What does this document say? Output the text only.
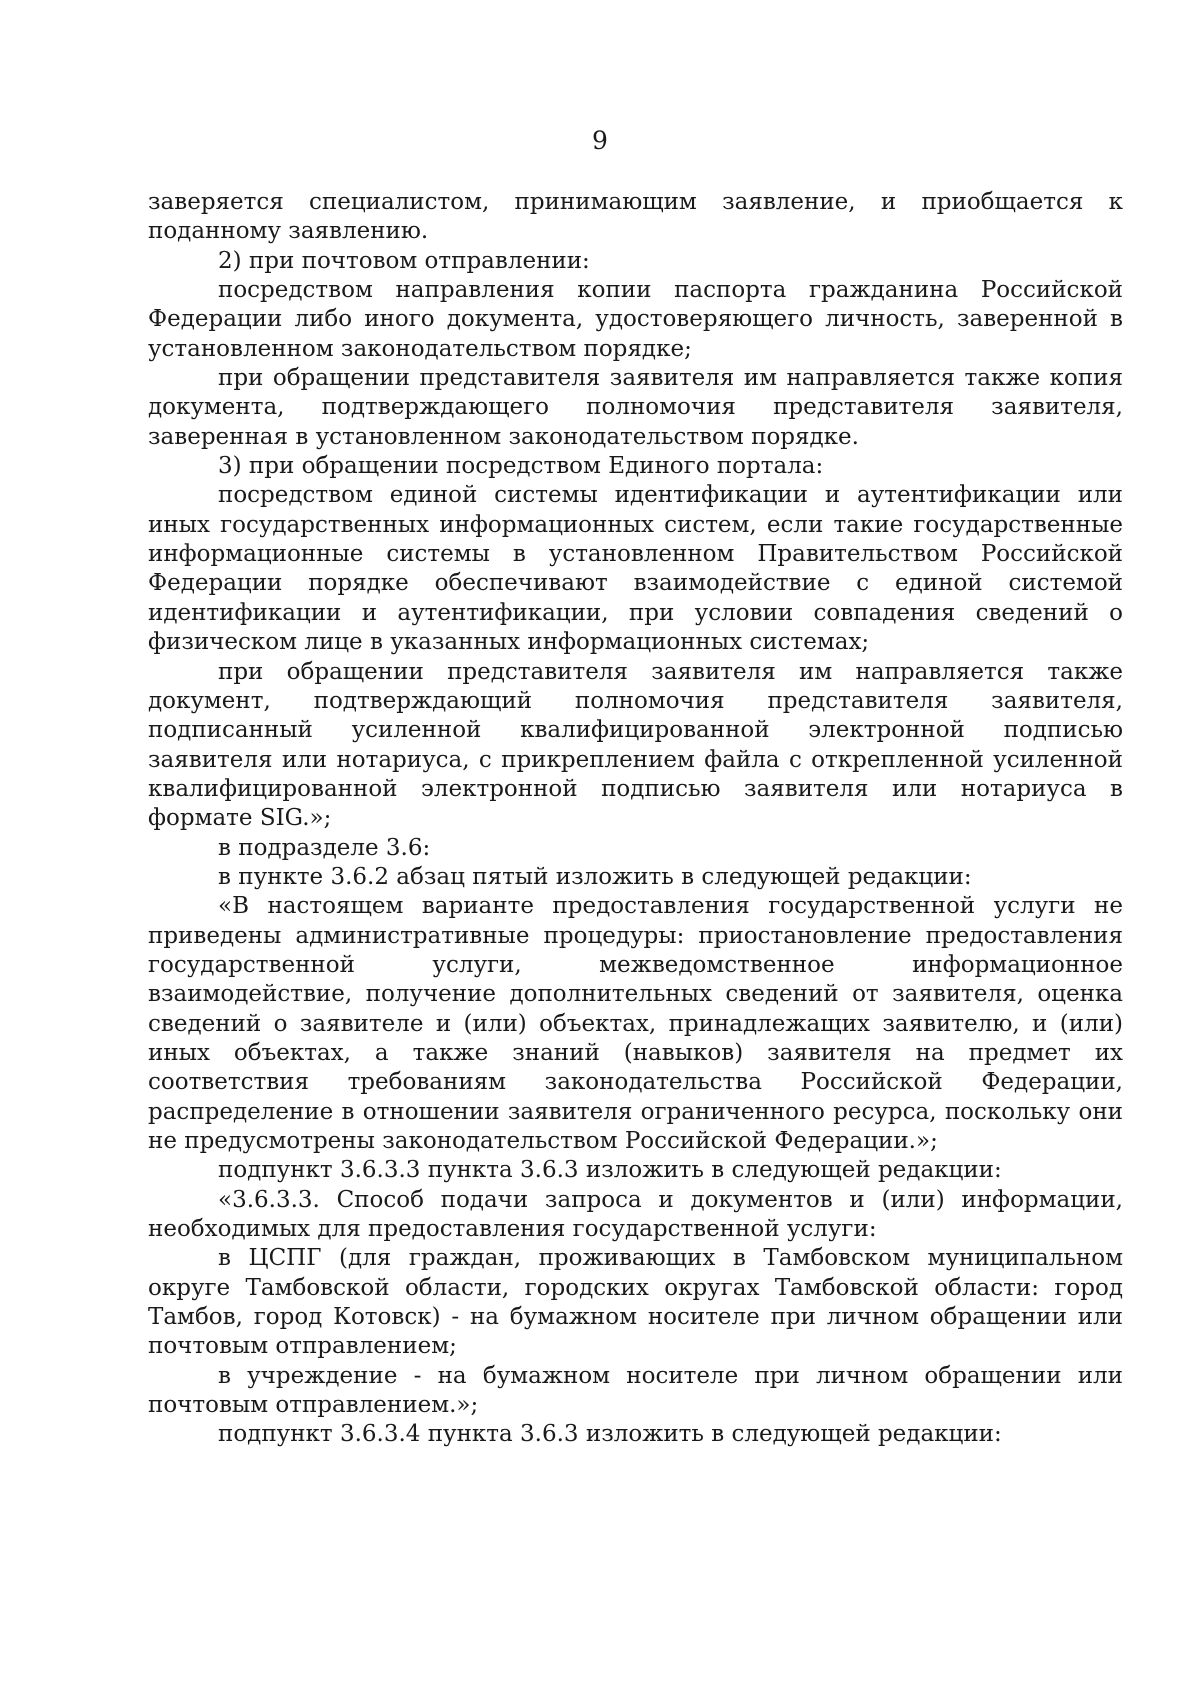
9

заверяется специалистом, принимающим заявление, и приобщается к поданному заявлению.

2) при почтовом отправлении:

посредством направления копии паспорта гражданина Российской Федерации либо иного документа, удостоверяющего личность, заверенной в установленном законодательством порядке;

при обращении представителя заявителя им направляется также копия документа, подтверждающего полномочия представителя заявителя, заверенная в установленном законодательством порядке.

3) при обращении посредством Единого портала:

посредством единой системы идентификации и аутентификации или иных государственных информационных систем, если такие государственные информационные системы в установленном Правительством Российской Федерации порядке обеспечивают взаимодействие с единой системой идентификации и аутентификации, при условии совпадения сведений о физическом лице в указанных информационных системах;

при обращении представителя заявителя им направляется также документ, подтверждающий полномочия представителя заявителя, подписанный усиленной квалифицированной электронной подписью заявителя или нотариуса, с прикреплением файла с открепленной усиленной квалифицированной электронной подписью заявителя или нотариуса в формате SIG.»;

в подразделе 3.6:

в пункте 3.6.2 абзац пятый изложить в следующей редакции:

«В настоящем варианте предоставления государственной услуги не приведены административные процедуры: приостановление предоставления государственной услуги, межведомственное информационное взаимодействие, получение дополнительных сведений от заявителя, оценка сведений о заявителе и (или) объектах, принадлежащих заявителю, и (или) иных объектах, а также знаний (навыков) заявителя на предмет их соответствия требованиям законодательства Российской Федерации, распределение в отношении заявителя ограниченного ресурса, поскольку они не предусмотрены законодательством Российской Федерации.»;

подпункт 3.6.3.3 пункта 3.6.3 изложить в следующей редакции:

«3.6.3.3. Способ подачи запроса и документов и (или) информации, необходимых для предоставления государственной услуги:

в ЦСПГ (для граждан, проживающих в Тамбовском муниципальном округе Тамбовской области, городских округах Тамбовской области: город Тамбов, город Котовск) - на бумажном носителе при личном обращении или почтовым отправлением;

в учреждение - на бумажном носителе при личном обращении или почтовым отправлением.»;

подпункт 3.6.3.4 пункта 3.6.3 изложить в следующей редакции:
